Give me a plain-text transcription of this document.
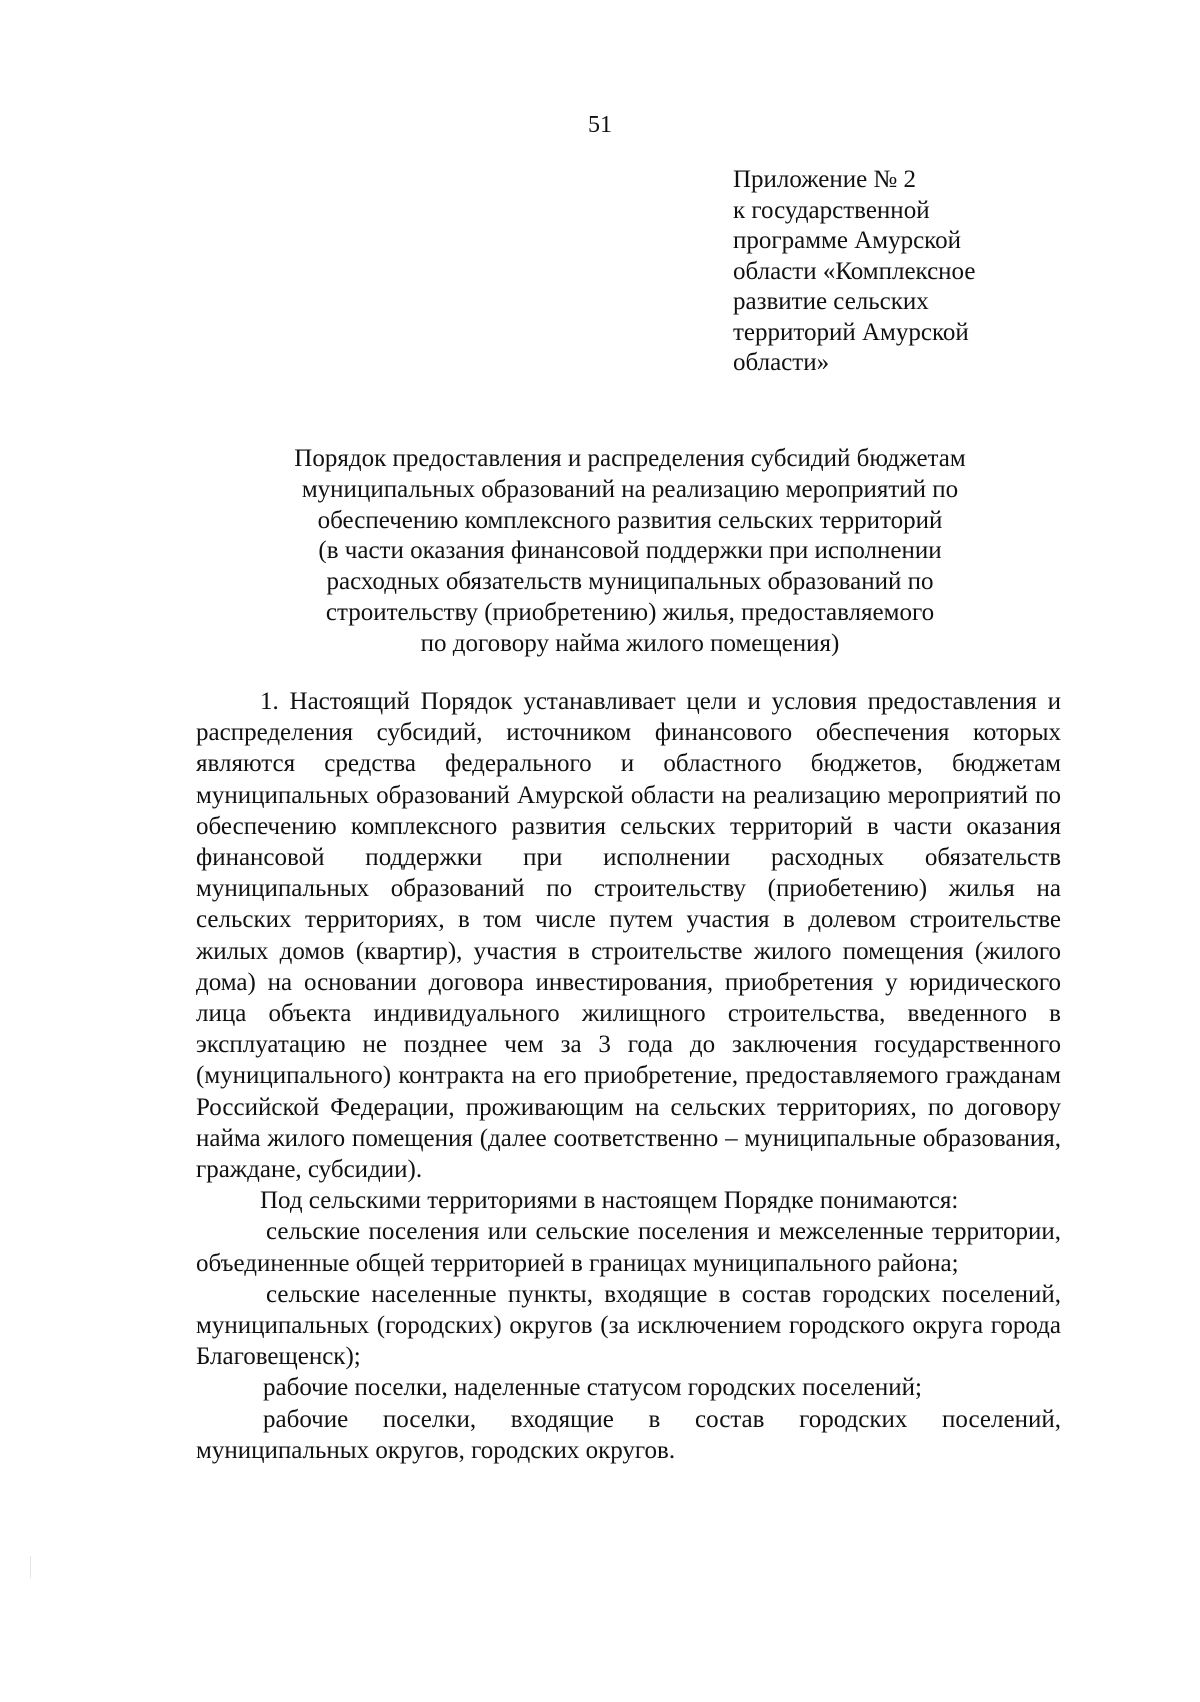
51
Приложение № 2
к государственной
программе Амурской
области «Комплексное
развитие сельских
территорий Амурской
области»
Порядок предоставления и распределения субсидий бюджетам
муниципальных образований на реализацию мероприятий по
обеспечению комплексного развития сельских территорий
(в части оказания финансовой поддержки при исполнении
расходных обязательств муниципальных образований по
строительству (приобретению) жилья, предоставляемого
по договору найма жилого помещения)

1. Настоящий Порядок устанавливает цели и условия предоставления и распределения субсидий, источником финансового обеспечения которых являются средства федерального и областного бюджетов, бюджетам муниципальных образований Амурской области на реализацию мероприятий по обеспечению комплексного развития сельских территорий в части оказания финансовой поддержки при исполнении расходных обязательств муниципальных образований по строительству (приобетению) жилья на сельских территориях, в том числе путем участия в долевом строительстве жилых домов (квартир), участия в строительстве жилого помещения (жилого дома) на основании договора инвестирования, приобретения у юридического лица объекта индивидуального жилищного строительства, введенного в эксплуатацию не позднее чем за 3 года до заключения государственного (муниципального) контракта на его приобретение, предоставляемого гражданам Российской Федерации, проживающим на сельских территориях, по договору найма жилого помещения (далее соответственно – муниципальные образования, граждане, субсидии).

Под сельскими территориями в настоящем Порядке понимаются:

сельские поселения или сельские поселения и межселенные территории, объединенные общей территорией в границах муниципального района;

сельские населенные пункты, входящие в состав городских поселений, муниципальных (городских) округов (за исключением городского округа города Благовещенск);

рабочие поселки, наделенные статусом городских поселений;

рабочие поселки, входящие в состав городских поселений, муниципальных округов, городских округов.
